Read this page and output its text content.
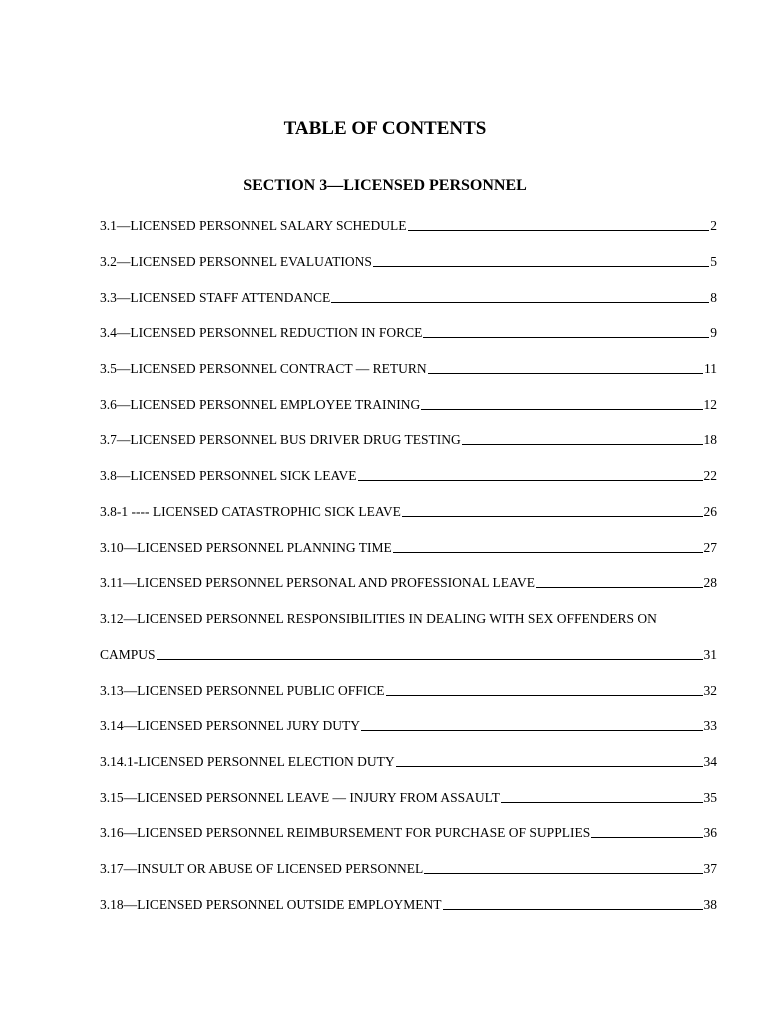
TABLE OF CONTENTS
SECTION 3—LICENSED PERSONNEL
3.1—LICENSED PERSONNEL SALARY SCHEDULE	2
3.2—LICENSED PERSONNEL EVALUATIONS	5
3.3—LICENSED STAFF ATTENDANCE	8
3.4—LICENSED PERSONNEL REDUCTION IN FORCE	9
3.5—LICENSED PERSONNEL CONTRACT — RETURN	11
3.6—LICENSED PERSONNEL EMPLOYEE TRAINING	12
3.7—LICENSED PERSONNEL BUS DRIVER DRUG TESTING	18
3.8—LICENSED PERSONNEL SICK LEAVE	22
3.8-1 ---- LICENSED CATASTROPHIC SICK LEAVE	26
3.10—LICENSED PERSONNEL PLANNING TIME	27
3.11—LICENSED PERSONNEL PERSONAL AND PROFESSIONAL LEAVE	28
3.12—LICENSED PERSONNEL RESPONSIBILITIES IN DEALING WITH SEX OFFENDERS ON
CAMPUS	31
3.13—LICENSED PERSONNEL PUBLIC OFFICE	32
3.14—LICENSED PERSONNEL JURY DUTY	33
3.14.1-LICENSED PERSONNEL ELECTION DUTY	34
3.15—LICENSED PERSONNEL LEAVE — INJURY FROM ASSAULT	35
3.16—LICENSED PERSONNEL REIMBURSEMENT FOR PURCHASE OF SUPPLIES	36
3.17—INSULT OR ABUSE OF LICENSED PERSONNEL	37
3.18—LICENSED PERSONNEL OUTSIDE EMPLOYMENT	38
